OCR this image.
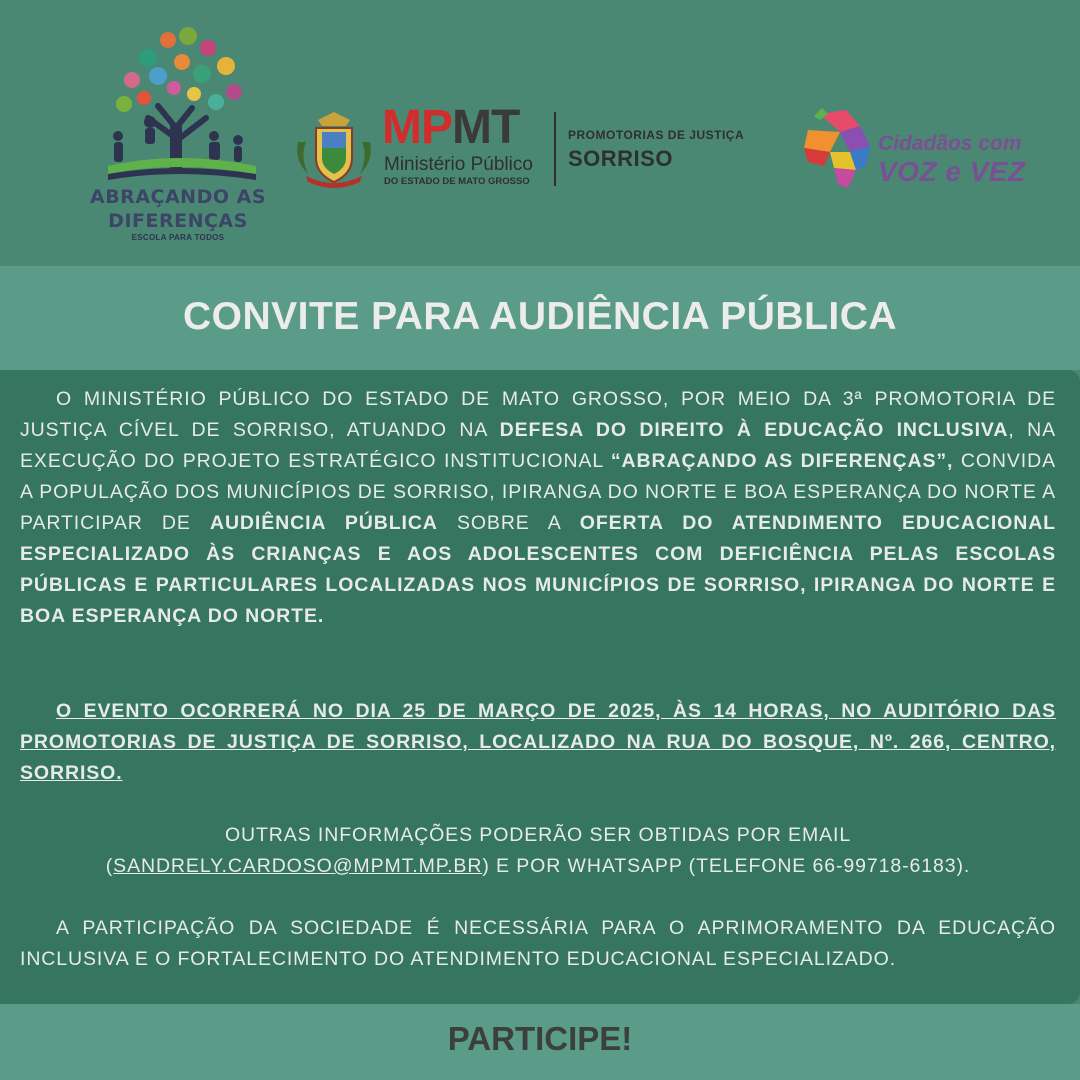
ABRAÇANDO AS
DIFERENÇAS
ESCOLA PARA TODOS
MPMT
Ministério Público
DO ESTADO DE MATO GROSSO
PROMOTORIAS DE JUSTIÇA
SORRISO
Cidadãos com
VOZ e VEZ
CONVITE PARA AUDIÊNCIA PÚBLICA
O MINISTÉRIO PÚBLICO DO ESTADO DE MATO GROSSO, POR MEIO DA 3ª PROMOTORIA DE JUSTIÇA CÍVEL DE SORRISO, ATUANDO NA DEFESA DO DIREITO À EDUCAÇÃO INCLUSIVA, NA EXECUÇÃO DO PROJETO ESTRATÉGICO INSTITUCIONAL “ABRAÇANDO AS DIFERENÇAS”, CONVIDA A POPULAÇÃO DOS MUNICÍPIOS DE SORRISO, IPIRANGA DO NORTE E BOA ESPERANÇA DO NORTE A PARTICIPAR DE AUDIÊNCIA PÚBLICA SOBRE A OFERTA DO ATENDIMENTO EDUCACIONAL ESPECIALIZADO ÀS CRIANÇAS E AOS ADOLESCENTES COM DEFICIÊNCIA PELAS ESCOLAS PÚBLICAS E PARTICULARES LOCALIZADAS NOS MUNICÍPIOS DE SORRISO, IPIRANGA DO NORTE E BOA ESPERANÇA DO NORTE.
O EVENTO OCORRERÁ NO DIA 25 DE MARÇO DE 2025, ÀS 14 HORAS, NO AUDITÓRIO DAS PROMOTORIAS DE JUSTIÇA DE SORRISO, LOCALIZADO NA RUA DO BOSQUE, Nº. 266, CENTRO, SORRISO.
OUTRAS INFORMAÇÕES PODERÃO SER OBTIDAS POR EMAIL
(SANDRELY.CARDOSO@MPMT.MP.BR) E POR WHATSAPP (TELEFONE 66-99718-6183).
A PARTICIPAÇÃO DA SOCIEDADE É NECESSÁRIA PARA O APRIMORAMENTO DA EDUCAÇÃO INCLUSIVA E O FORTALECIMENTO DO ATENDIMENTO EDUCACIONAL ESPECIALIZADO.
PARTICIPE!
